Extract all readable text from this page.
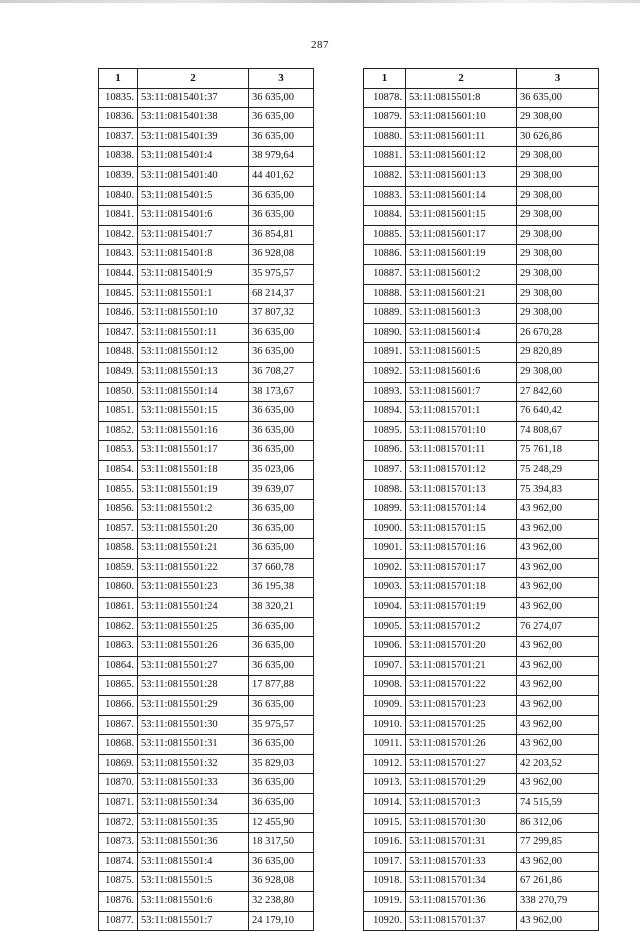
287
1	2	3
10835.	53:11:0815401:37	36 635,00
10836.	53:11:0815401:38	36 635,00
10837.	53:11:0815401:39	36 635,00
10838.	53:11:0815401:4	38 979,64
10839.	53:11:0815401:40	44 401,62
10840.	53:11:0815401:5	36 635,00
10841.	53:11:0815401:6	36 635,00
10842.	53:11:0815401:7	36 854,81
10843.	53:11:0815401:8	36 928,08
10844.	53:11:0815401:9	35 975,57
10845.	53:11:0815501:1	68 214,37
10846.	53:11:0815501:10	37 807,32
10847.	53:11:0815501:11	36 635,00
10848.	53:11:0815501:12	36 635,00
10849.	53:11:0815501:13	36 708,27
10850.	53:11:0815501:14	38 173,67
10851.	53:11:0815501:15	36 635,00
10852.	53:11:0815501:16	36 635,00
10853.	53:11:0815501:17	36 635,00
10854.	53:11:0815501:18	35 023,06
10855.	53:11:0815501:19	39 639,07
10856.	53:11:0815501:2	36 635,00
10857.	53:11:0815501:20	36 635,00
10858.	53:11:0815501:21	36 635,00
10859.	53:11:0815501:22	37 660,78
10860.	53:11:0815501:23	36 195,38
10861.	53:11:0815501:24	38 320,21
10862.	53:11:0815501:25	36 635,00
10863.	53:11:0815501:26	36 635,00
10864.	53:11:0815501:27	36 635,00
10865.	53:11:0815501:28	17 877,88
10866.	53:11:0815501:29	36 635,00
10867.	53:11:0815501:30	35 975,57
10868.	53:11:0815501:31	36 635,00
10869.	53:11:0815501:32	35 829,03
10870.	53:11:0815501:33	36 635,00
10871.	53:11:0815501:34	36 635,00
10872.	53:11:0815501:35	12 455,90
10873.	53:11:0815501:36	18 317,50
10874.	53:11:0815501:4	36 635,00
10875.	53:11:0815501:5	36 928,08
10876.	53:11:0815501:6	32 238,80
10877.	53:11:0815501:7	24 179,10
1	2	3
10878.	53:11:0815501:8	36 635,00
10879.	53:11:0815601:10	29 308,00
10880.	53:11:0815601:11	30 626,86
10881.	53:11:0815601:12	29 308,00
10882.	53:11:0815601:13	29 308,00
10883.	53:11:0815601:14	29 308,00
10884.	53:11:0815601:15	29 308,00
10885.	53:11:0815601:17	29 308,00
10886.	53:11:0815601:19	29 308,00
10887.	53:11:0815601:2	29 308,00
10888.	53:11:0815601:21	29 308,00
10889.	53:11:0815601:3	29 308,00
10890.	53:11:0815601:4	26 670,28
10891.	53:11:0815601:5	29 820,89
10892.	53:11:0815601:6	29 308,00
10893.	53:11:0815601:7	27 842,60
10894.	53:11:0815701:1	76 640,42
10895.	53:11:0815701:10	74 808,67
10896.	53:11:0815701:11	75 761,18
10897.	53:11:0815701:12	75 248,29
10898.	53:11:0815701:13	75 394,83
10899.	53:11:0815701:14	43 962,00
10900.	53:11:0815701:15	43 962,00
10901.	53:11:0815701:16	43 962,00
10902.	53:11:0815701:17	43 962,00
10903.	53:11:0815701:18	43 962,00
10904.	53:11:0815701:19	43 962,00
10905.	53:11:0815701:2	76 274,07
10906.	53:11:0815701:20	43 962,00
10907.	53:11:0815701:21	43 962,00
10908.	53:11:0815701:22	43 962,00
10909.	53:11:0815701:23	43 962,00
10910.	53:11:0815701:25	43 962,00
10911.	53:11:0815701:26	43 962,00
10912.	53:11:0815701:27	42 203,52
10913.	53:11:0815701:29	43 962,00
10914.	53:11:0815701:3	74 515,59
10915.	53:11:0815701:30	86 312,06
10916.	53:11:0815701:31	77 299,85
10917.	53:11:0815701:33	43 962,00
10918.	53:11:0815701:34	67 261,86
10919.	53:11:0815701:36	338 270,79
10920.	53:11:0815701:37	43 962,00
